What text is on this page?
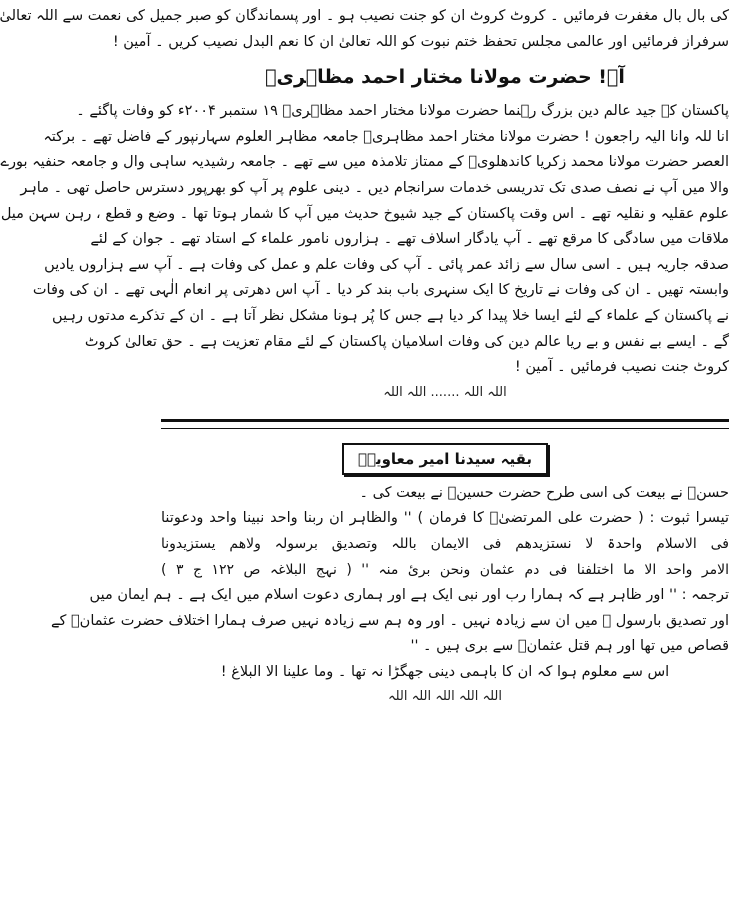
کی بال بال مغفرت فرمائیں ۔ کروٹ کروٹ ان کو جنت نصیب ہو ۔ اور پسماندگان کو صبر جمیل کی نعمت سے اللہ تعالیٰ
سرفراز فرمائیں اور عالمی مجلس تحفظ ختم نبوت کو اللہ تعالیٰ ان کا نعم البدل نصیب کریں ۔ آمین !
آہ! حضرت مولانا مختار احمد مظاہریؒ
پاکستان کے جید عالم دین بزرگ رہنما حضرت مولانا مختار احمد مظاہریؒ ۱۹ ستمبر ۲۰۰۴ء کو وفات پاگئے ۔
انا للہ وانا الیہ راجعون ! حضرت مولانا مختار احمد مظاہریؒ جامعہ مظاہر العلوم سہارنپور کے فاضل تھے ۔ برکتہ
العصر حضرت مولانا محمد زکریا کاندھلویؒ کے ممتاز تلامذہ میں سے تھے ۔ جامعہ رشیدیہ ساہی وال و جامعہ حنفیہ بورے
والا میں آپ نے نصف صدی تک تدریسی خدمات سرانجام دیں ۔ دینی علوم پر آپ کو بھرپور دسترس حاصل تھی ۔ ماہر
علوم عقلیہ و نقلیہ تھے ۔ اس وقت پاکستان کے جید شیوخ حدیث میں آپ کا شمار ہوتا تھا ۔ وضع و قطع ، رہن سہن میل
ملاقات میں سادگی کا مرقع تھے ۔ آپ یادگار اسلاف تھے ۔ ہزاروں نامور علماء کے استاد تھے ۔ جوان کے لئے
صدقہ جاریہ ہیں ۔ اسی سال سے زائد عمر پائی ۔ آپ کی وفات علم و عمل کی وفات ہے ۔ آپ سے ہزاروں یادیں
وابستہ تھیں ۔ ان کی وفات نے تاریخ کا ایک سنہری باب بند کر دیا ۔ آپ اس دھرتی پر انعام الٰہی تھے ۔ ان کی وفات
نے پاکستان کے علماء کے لئے ایسا خلا پیدا کر دیا ہے جس کا پُر ہونا مشکل نظر آتا ہے ۔ ان کے تذکرے مدتوں رہیں
گے ۔ ایسے بے نفس و بے ریا عالم دین کی وفات اسلامیان پاکستان کے لئے مقام تعزیت ہے ۔ حق تعالیٰ کروٹ
کروٹ جنت نصیب فرمائیں ۔ آمین !
اللہ اللہ ....... اللہ اللہ
بقیہ سیدنا امیر معاویہؓ
حسنؓ نے بیعت کی اسی طرح حضرت حسینؓ نے بیعت کی ۔
تیسرا ثبوت : ( حضرت علی المرتضیٰؓ کا فرمان ) '' والظاہر ان ربنا واحد نبینا واحد ودعوتنا
فی الاسلام واحدۃ لا نستزیدھم فی الایمان باللہ وتصدیق برسولہ ولاھم یستزیدونا
الامر واحد الا ما اختلفنا فی دم عثمان ونحن بریٔ منہ '' ( نہج البلاغہ ص ۱۲۲ ج ۳ )
ترجمہ : '' اور ظاہر ہے کہ ہمارا رب اور نبی ایک ہے اور ہماری دعوت اسلام میں ایک ہے ۔ ہم ایمان میں
اور تصدیق بارسول ﷺ میں ان سے زیادہ نہیں ۔ اور وہ ہم سے زیادہ نہیں صرف ہمارا اختلاف حضرت عثمانؓ کے
قصاص میں تھا اور ہم قتل عثمانؓ سے بری ہیں ۔ ''
اس سے معلوم ہوا کہ ان کا باہمی دینی جھگڑا نہ تھا ۔ وما علینا الا البلاغ !
اللہ اللہ اللہ اللہ اللہ
